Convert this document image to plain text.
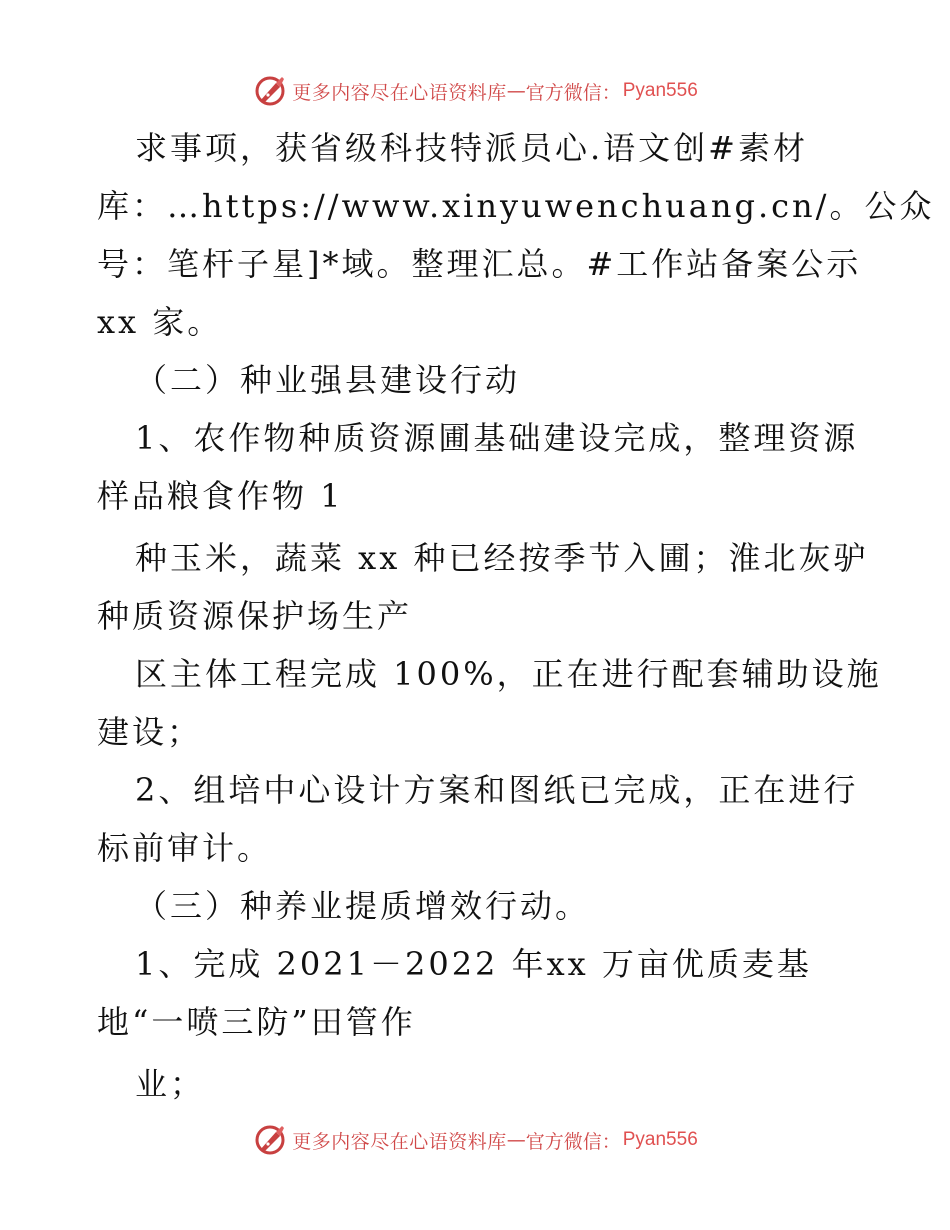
更多内容尽在心语资料库 — 官方微信： Pyan556
求事项，获省级科技特派员心.语文创#素材
库：…https://www.xinyuwenchuang.cn/。公众
号：笔杆子星]*域。整理汇总。#工作站备案公示
xx 家。
（二）种业强县建设行动
1、农作物种质资源圃基础建设完成，整理资源
样品粮食作物 1
种玉米，蔬菜 xx 种已经按季节入圃；淮北灰驴
种质资源保护场生产
区主体工程完成 100%，正在进行配套辅助设施
建设；
2、组培中心设计方案和图纸已完成，正在进行
标前审计。
（三）种养业提质增效行动。
1、完成 2021－2022 年xx 万亩优质麦基
地“一喷三防”田管作
业；
更多内容尽在心语资料库 — 官方微信： Pyan556
